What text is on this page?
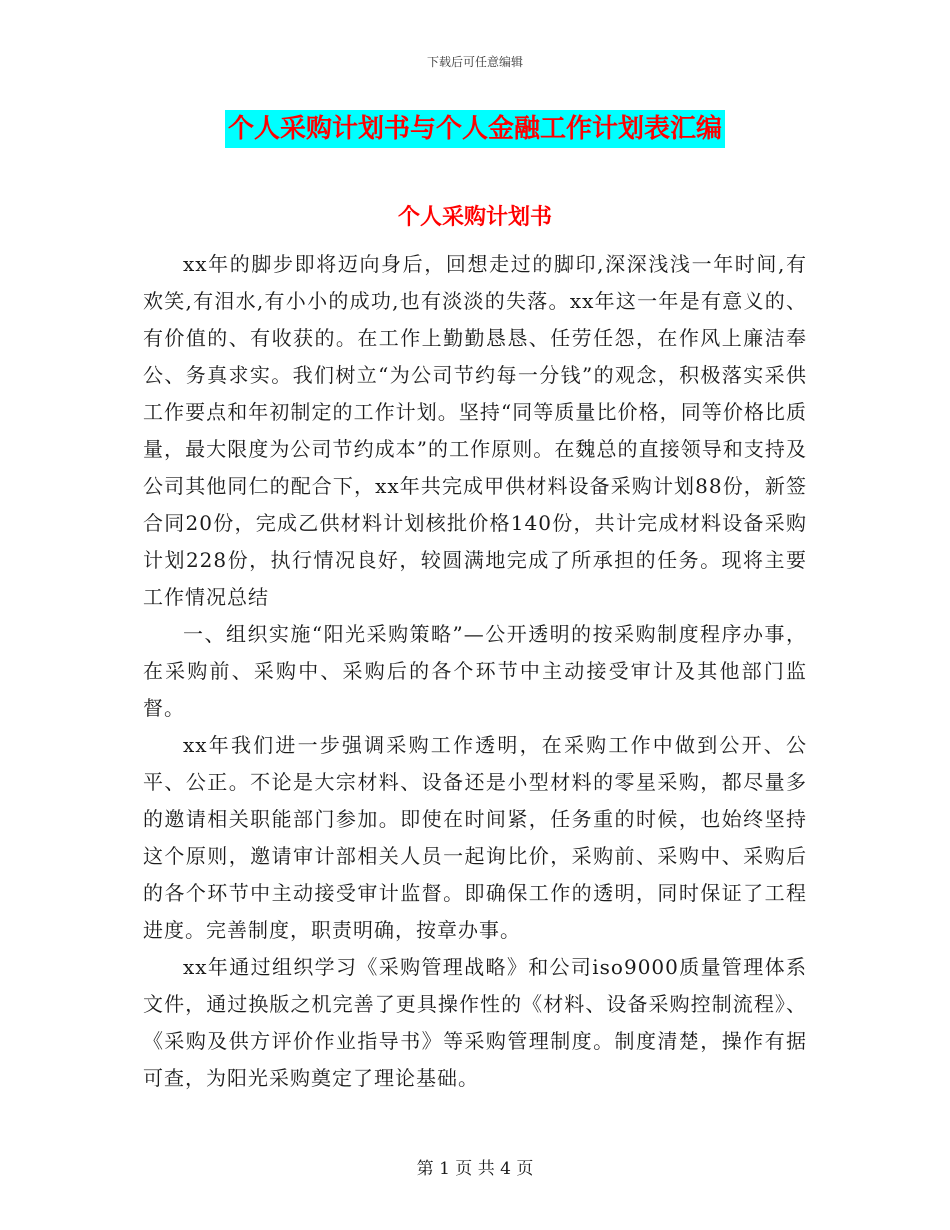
下载后可任意编辑
个人采购计划书与个人金融工作计划表汇编
个人采购计划书

xx年的脚步即将迈向身后，回想走过的脚印,深深浅浅一年时间,有欢笑,有泪水,有小小的成功,也有淡淡的失落。xx年这一年是有意义的、有价值的、有收获的。在工作上勤勤恳恳、任劳任怨，在作风上廉洁奉公、务真求实。我们树立“为公司节约每一分钱”的观念，积极落实采供工作要点和年初制定的工作计划。坚持“同等质量比价格，同等价格比质量，最大限度为公司节约成本”的工作原则。在魏总的直接领导和支持及公司其他同仁的配合下，xx年共完成甲供材料设备采购计划88份，新签合同20份，完成乙供材料计划核批价格140份，共计完成材料设备采购计划228份，执行情况良好，较圆满地完成了所承担的任务。现将主要工作情况总结

一、组织实施“阳光采购策略”—公开透明的按采购制度程序办事，在采购前、采购中、采购后的各个环节中主动接受审计及其他部门监督。

xx年我们进一步强调采购工作透明，在采购工作中做到公开、公平、公正。不论是大宗材料、设备还是小型材料的零星采购，都尽量多的邀请相关职能部门参加。即使在时间紧，任务重的时候，也始终坚持这个原则，邀请审计部相关人员一起询比价，采购前、采购中、采购后的各个环节中主动接受审计监督。即确保工作的透明，同时保证了工程进度。完善制度，职责明确，按章办事。

xx年通过组织学习《采购管理战略》和公司iso9000质量管理体系文件，通过换版之机完善了更具操作性的《材料、设备采购控制流程》、《采购及供方评价作业指导书》等采购管理制度。制度清楚，操作有据可查，为阳光采购奠定了理论基础。

第 1 页 共 4 页
